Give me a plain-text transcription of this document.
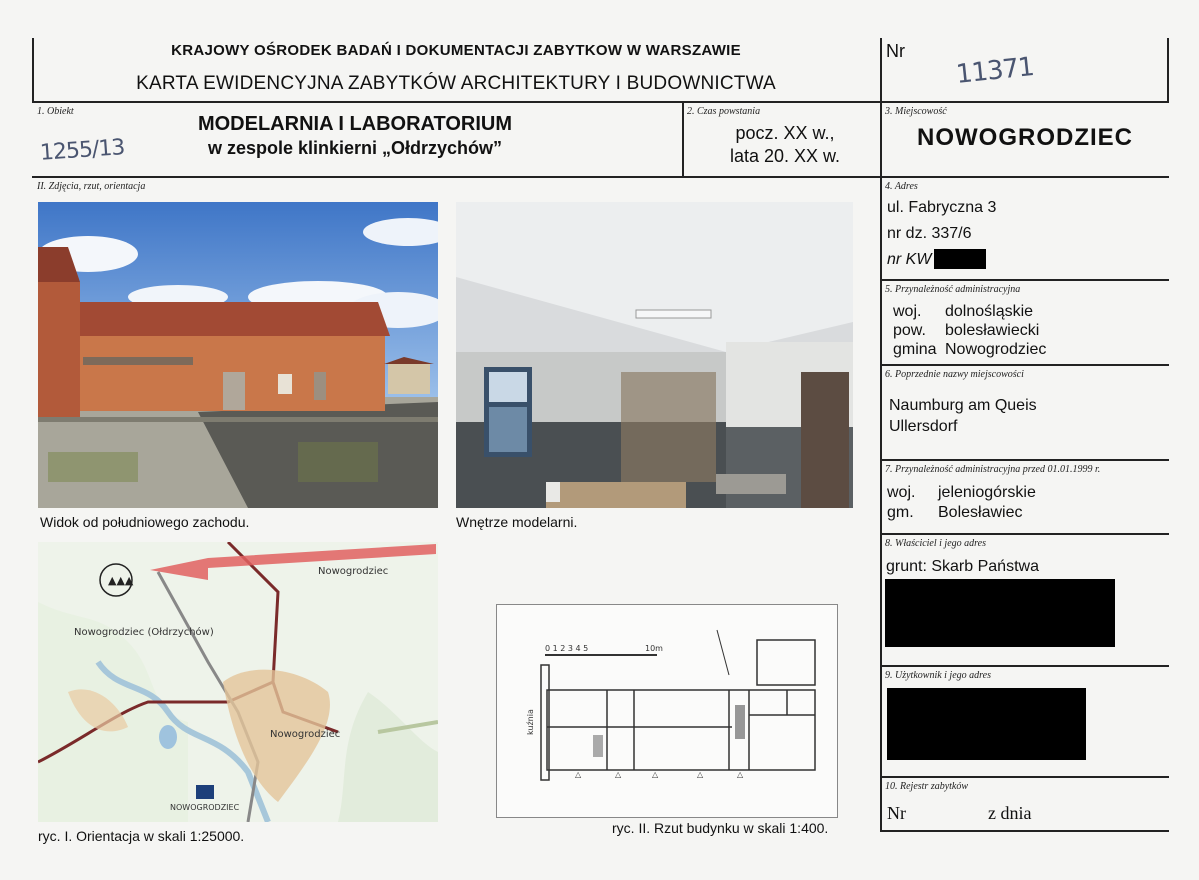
KRAJOWY OŚRODEK BADAŃ I DOKUMENTACJI ZABYTKOW W WARSZAWIE
KARTA EWIDENCYJNA ZABYTKÓW ARCHITEKTURY I BUDOWNICTWA
Nr
11371
1. Obiekt
MODELARNIA I LABORATORIUM
w zespole klinkierni „Ołdrzychów”
1255/13
2. Czas powstania
pocz. XX w.,
lata 20. XX w.
3. Miejscowość
NOWOGRODZIEC
II. Zdjęcia, rzut, orientacja
Widok od południowego zachodu.	Wnętrze modelarni.
▲▲▲
Nowogrodziec
Nowogrodziec (Ołdrzychów)
Nowogrodziec
NOWOGRODZIEC
ryc. I. Orientacja w skali 1:25000.
0 1 2 3 4 5	10m
kuźnia
△	△	△	△	△
ryc. II. Rzut budynku w skali 1:400.
4. Adres
ul. Fabryczna 3
nr dz. 337/6
nr KW
5. Przynależność administracyjna
woj. dolnośląskie
pow. bolesławiecki
gmina Nowogrodziec
6. Poprzednie nazwy miejscowości
Naumburg am Queis
Ullersdorf
7. Przynależność administracyjna przed 01.01.1999 r.
woj. jeleniogórskie
gm. Bolesławiec
8. Właściciel i jego adres
grunt: Skarb Państwa
9. Użytkownik i jego adres
10. Rejestr zabytków
Nr	z dnia
